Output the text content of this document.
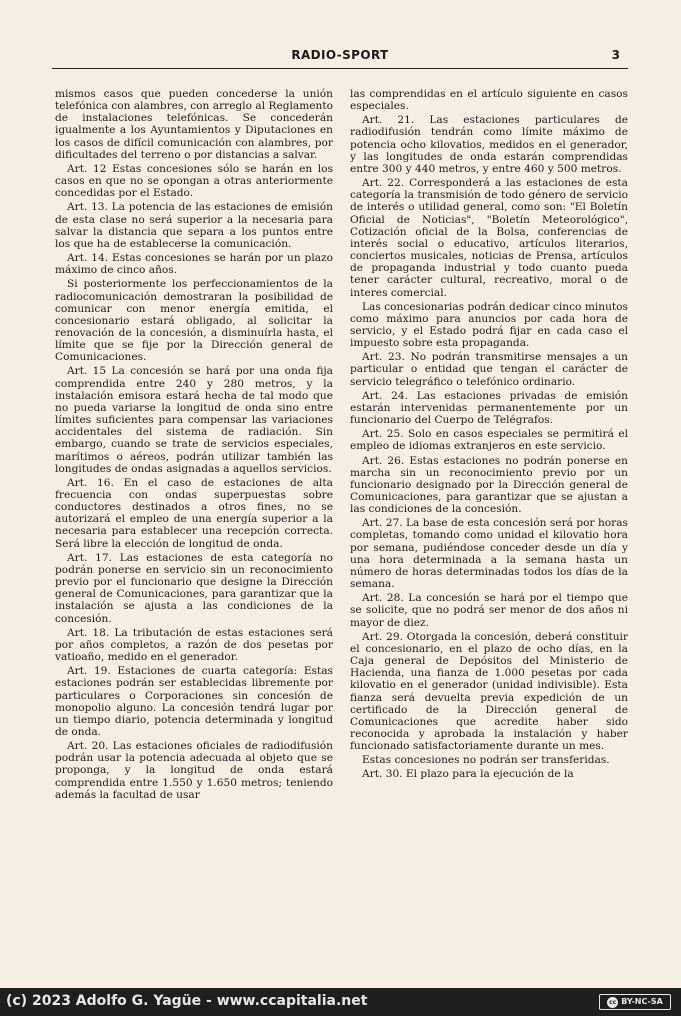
RADIO-SPORT	3

mismos casos que pueden concederse la unión telefónica con alambres, con arreglo al Reglamento de instalaciones telefónicas. Se concederán igualmente a los Ayuntamientos y Diputaciones en los casos de difícil comunicación con alambres, por dificultades del terreno o por distancias a salvar.

Art. 12 Estas concesiones sólo se harán en los casos en que no se opongan a otras anteriormente concedidas por el Estado.

Art. 13. La potencia de las estaciones de emisión de esta clase no será superior a la necesaria para salvar la distancia que separa a los puntos entre los que ha de establecerse la comunicación.

Art. 14. Estas concesiones se harán por un plazo máximo de cinco años.

Si posteriormente los perfeccionamientos de la radiocomunicación demostraran la posibilidad de comunicar con menor energía emitida, el concesionario estará obligado, al solicitar la renovación de la concesión, a disminuírla hasta, el límite que se fije por la Dirección general de Comunicaciones.

Art. 15 La concesión se hará por una onda fija comprendida entre 240 y 280 metros, y la instalación emisora estará hecha de tal modo que no pueda variarse la longitud de onda sino entre límites suficientes para compensar las variaciones accidentales del sistema de radiación. Sin embargo, cuando se trate de servicios especiales, marítimos o aéreos, podrán utilizar también las longitudes de ondas asignadas a aquellos servicios.

Art. 16. En el caso de estaciones de alta frecuencia con ondas superpuestas sobre conductores destinados a otros fines, no se autorizará el empleo de una energía superior a la necesaria para establecer una recepción correcta. Será libre la elección de longitud de onda.

Art. 17. Las estaciones de esta categoría no podrán ponerse en servicio sin un reconocimiento previo por el funcionario que designe la Dirección general de Comunicaciones, para garantizar que la instalación se ajusta a las condiciones de la concesión.

Art. 18. La tributación de estas estaciones será por años completos, a razón de dos pesetas por vatioaño, medido en el generador.

Art. 19. Estaciones de cuarta categoría: Estas estaciones podrán ser establecidas libremente por particulares o Corporaciones sin concesión de monopolio alguno. La concesión tendrá lugar por un tiempo diario, potencia determinada y longitud de onda.

Art. 20. Las estaciones oficiales de radiodifusión podrán usar la potencia adecuada al objeto que se proponga, y la longitud de onda estará comprendida entre 1.550 y 1.650 metros; teniendo además la facultad de usar

las comprendidas en el artículo siguiente en casos especiales.

Art. 21. Las estaciones particulares de radiodifusión tendrán como límite máximo de potencia ocho kilovatios, medidos en el generador, y las longitudes de onda estarán comprendidas entre 300 y 440 metros, y entre 460 y 500 metros.

Art. 22. Corresponderá a las estaciones de esta categoría la transmisión de todo género de servicio de interés o utilidad general, como son: "El Boletín Oficial de Noticias", "Boletín Meteorológico", Cotización oficial de la Bolsa, conferencias de interés social o educativo, artículos literarios, conciertos musicales, noticias de Prensa, artículos de propaganda industrial y todo cuanto pueda tener carácter cultural, recreativo, moral o de interes comercial.

Las concesionarias podrán dedicar cinco minutos como máximo para anuncios por cada hora de servicio, y el Estado podrá fijar en cada caso el impuesto sobre esta propaganda.

Art. 23. No podrán transmitirse mensajes a un particular o entidad que tengan el carácter de servicio telegráfico o telefónico ordinario.

Art. 24. Las estaciones privadas de emisión estarán intervenidas permanentemente por un funcionario del Cuerpo de Telégrafos.

Art. 25. Solo en casos especiales se permitirá el empleo de idiomas extranjeros en este servicio.

Art. 26. Estas estaciones no podrán ponerse en marcha sin un reconocimiento previo por un funcionario designado por la Dirección general de Comunicaciones, para garantizar que se ajustan a las condiciones de la concesión.

Art. 27. La base de esta concesión será por horas completas, tomando como unidad el kilovatio hora por semana, pudiéndose conceder desde un día y una hora determinada a la semana hasta un número de horas determinadas todos los días de la semana.

Art. 28. La concesión se hará por el tiempo que se solicite, que no podrá ser menor de dos años ni mayor de diez.

Art. 29. Otorgada la concesión, deberá constituir el concesionario, en el plazo de ocho días, en la Caja general de Depósitos del Ministerio de Hacienda, una fianza de 1.000 pesetas por cada kilovatio en el generador (unidad indivisible). Esta fianza será devuelta previa expedición de un certificado de la Dirección general de Comunicaciones que acredite haber sido reconocida y aprobada la instalación y haber funcionado satisfactoriamente durante un mes.

Estas concesiones no podrán ser transferidas.

Art. 30. El plazo para la ejecución de la

(c) 2023 Adolfo G. Yagüe - www.ccapitalia.net	cc BY-NC-SA
